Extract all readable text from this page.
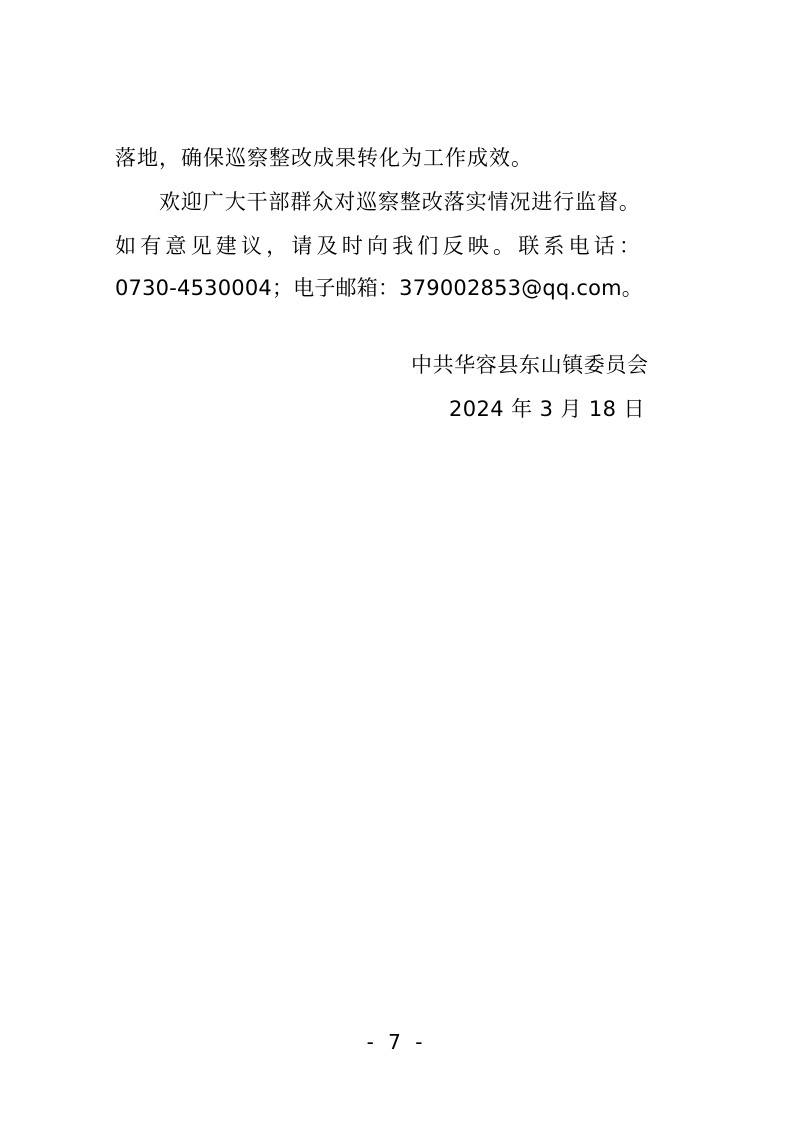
落地，确保巡察整改成果转化为工作成效。
欢迎广大干部群众对巡察整改落实情况进行监督。
如有意见建议，请及时向我们反映。联系电话：
0730-4530004；电子邮箱：379002853@qq.com。
中共华容县东山镇委员会
2024 年 3 月 18 日
- 7 -
